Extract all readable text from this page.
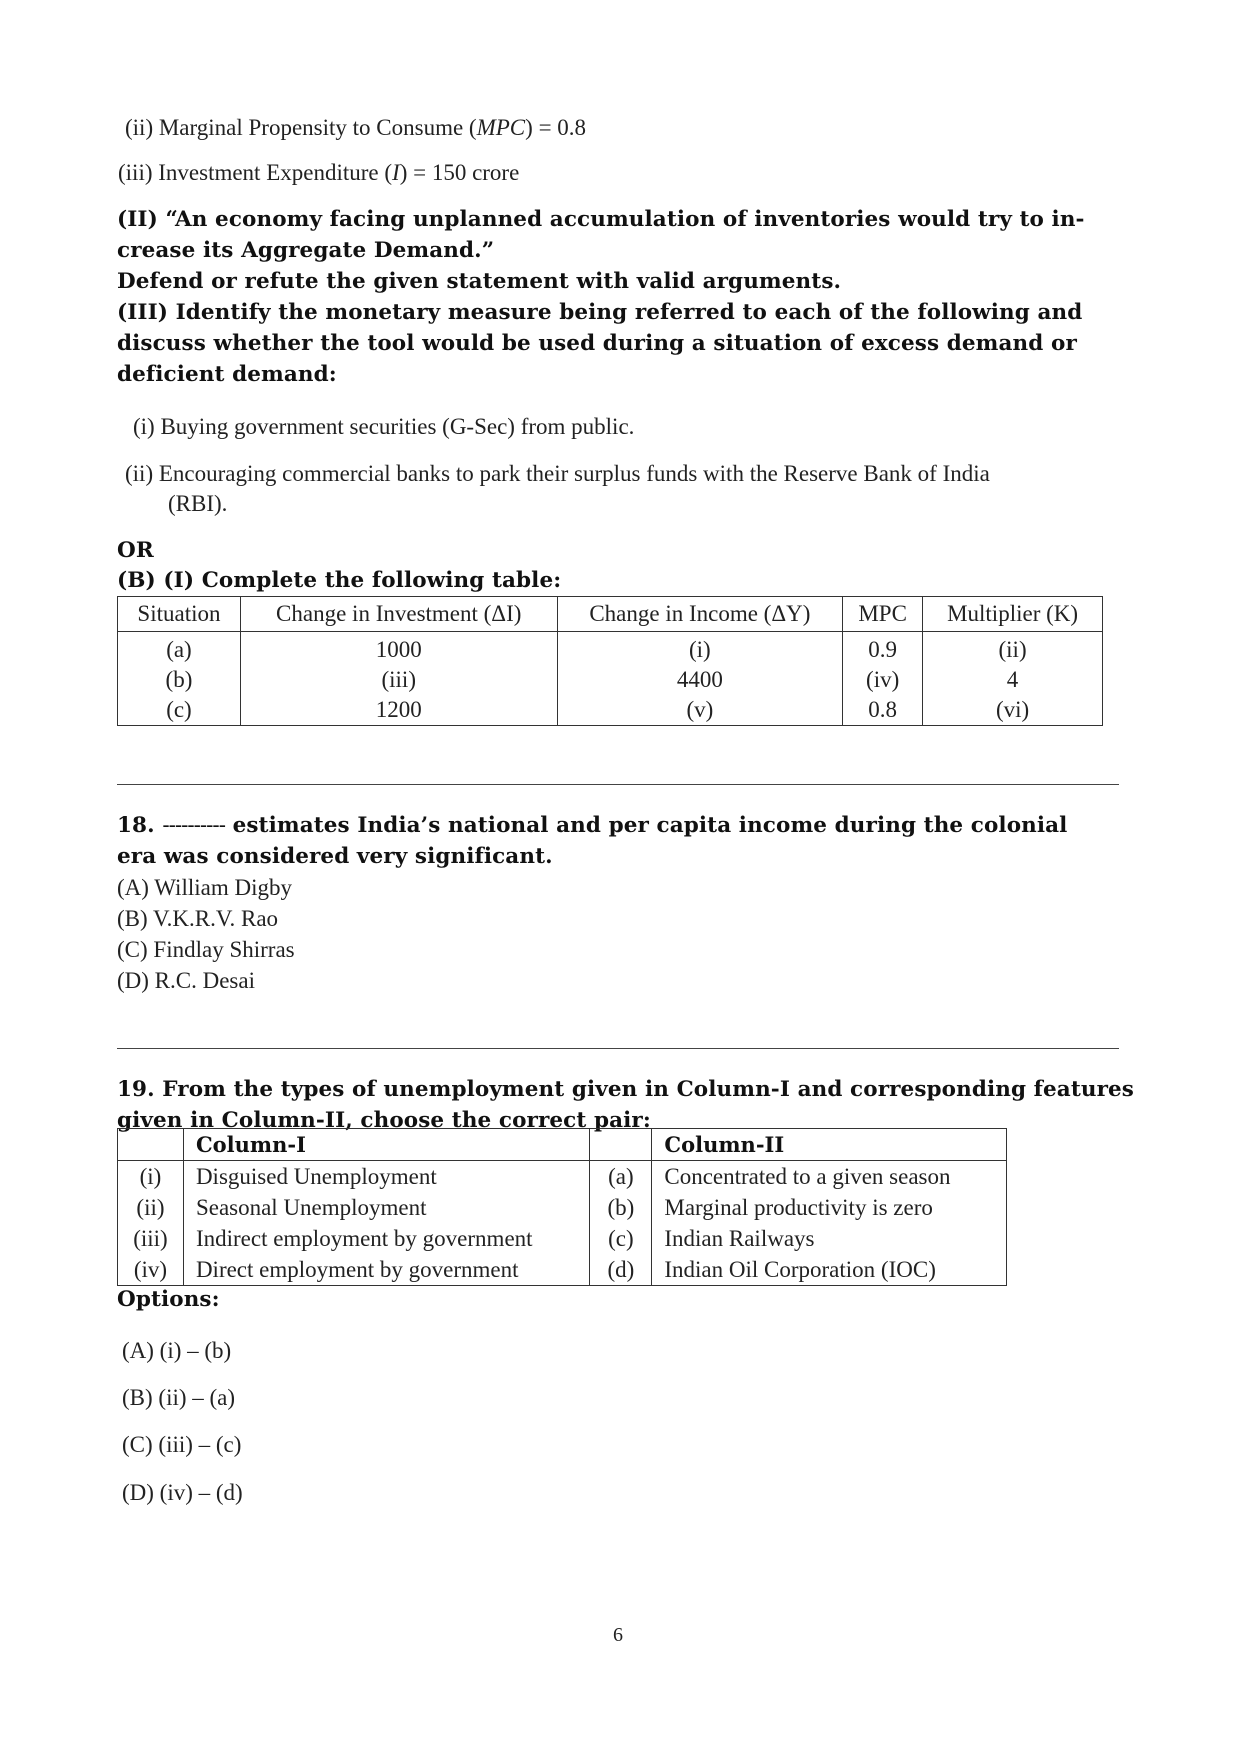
(ii) Marginal Propensity to Consume (MPC) = 0.8
(iii) Investment Expenditure (I) = 150 crore
(II) “An economy facing unplanned accumulation of inventories would try to in-
crease its Aggregate Demand.”
Defend or refute the given statement with valid arguments.
(III) Identify the monetary measure being referred to each of the following and
discuss whether the tool would be used during a situation of excess demand or
deficient demand:
(i) Buying government securities (G-Sec) from public.
(ii) Encouraging commercial banks to park their surplus funds with the Reserve Bank of India
(RBI).
OR
(B) (I) Complete the following table:
Situation	Change in Investment (ΔI)	Change in Income (ΔY)	MPC	Multiplier (K)
(a)	1000	(i)	0.9	(ii)
(b)	(iii)	4400	(iv)	4
(c)	1200	(v)	0.8	(vi)
18. ---------- estimates India’s national and per capita income during the colonial
era was considered very significant.
(A) William Digby
(B) V.K.R.V. Rao
(C) Findlay Shirras
(D) R.C. Desai
19. From the types of unemployment given in Column-I and corresponding features
given in Column-II, choose the correct pair:
	Column-I		Column-II
(i)	Disguised Unemployment	(a)	Concentrated to a given season
(ii)	Seasonal Unemployment	(b)	Marginal productivity is zero
(iii)	Indirect employment by government	(c)	Indian Railways
(iv)	Direct employment by government	(d)	Indian Oil Corporation (IOC)
Options:
(A) (i) – (b)
(B) (ii) – (a)
(C) (iii) – (c)
(D) (iv) – (d)
6
